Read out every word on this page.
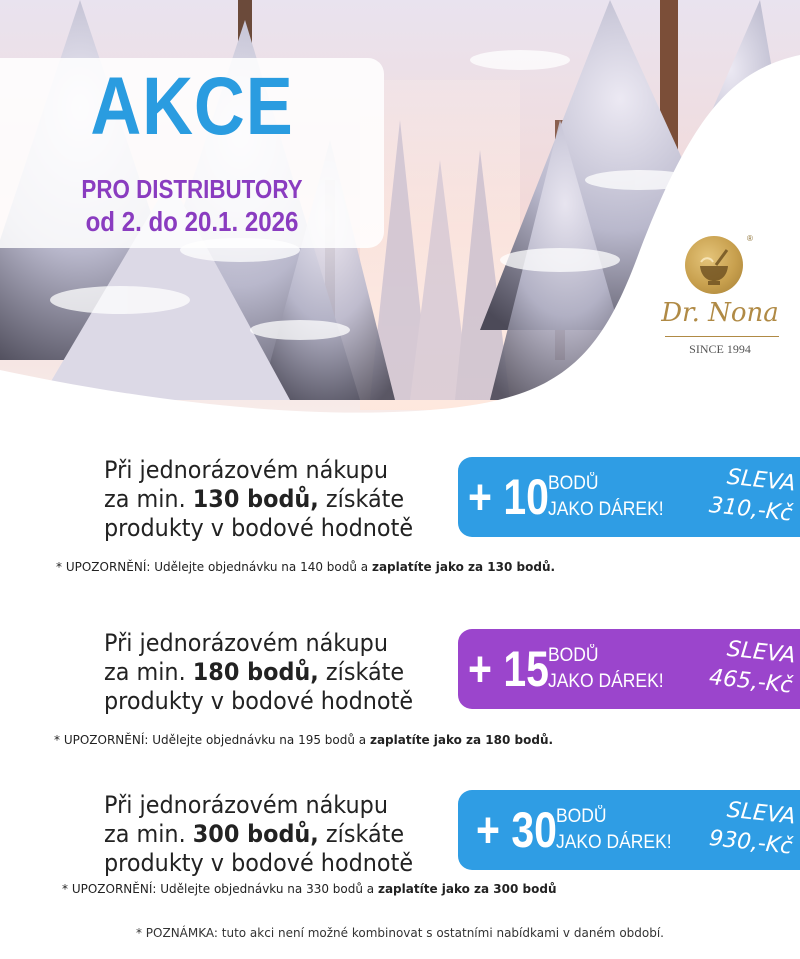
AKCE
PRO DISTRIBUTORY
od 2. do 20.1. 2026
®
Dr. Nona
SINCE 1994
Při jednorázovém nákupu
za min. 130 bodů, získáte
produkty v bodové hodnotě
+ 10 BODŮ
JAKO DÁREK!
SLEVA
310,-Kč
* UPOZORNĚNÍ: Udělejte objednávku na 140 bodů a zaplatíte jako za 130 bodů.
Při jednorázovém nákupu
za min. 180 bodů, získáte
produkty v bodové hodnotě
+ 15 BODŮ
JAKO DÁREK!
SLEVA
465,-Kč
* UPOZORNĚNÍ: Udělejte objednávku na 195 bodů a zaplatíte jako za 180 bodů.
Při jednorázovém nákupu
za min. 300 bodů, získáte
produkty v bodové hodnotě
+ 30 BODŮ
JAKO DÁREK!
SLEVA
930,-Kč
* UPOZORNĚNÍ: Udělejte objednávku na 330 bodů a zaplatíte jako za 300 bodů
* POZNÁMKA: tuto akci není možné kombinovat s ostatními nabídkami v daném období.
